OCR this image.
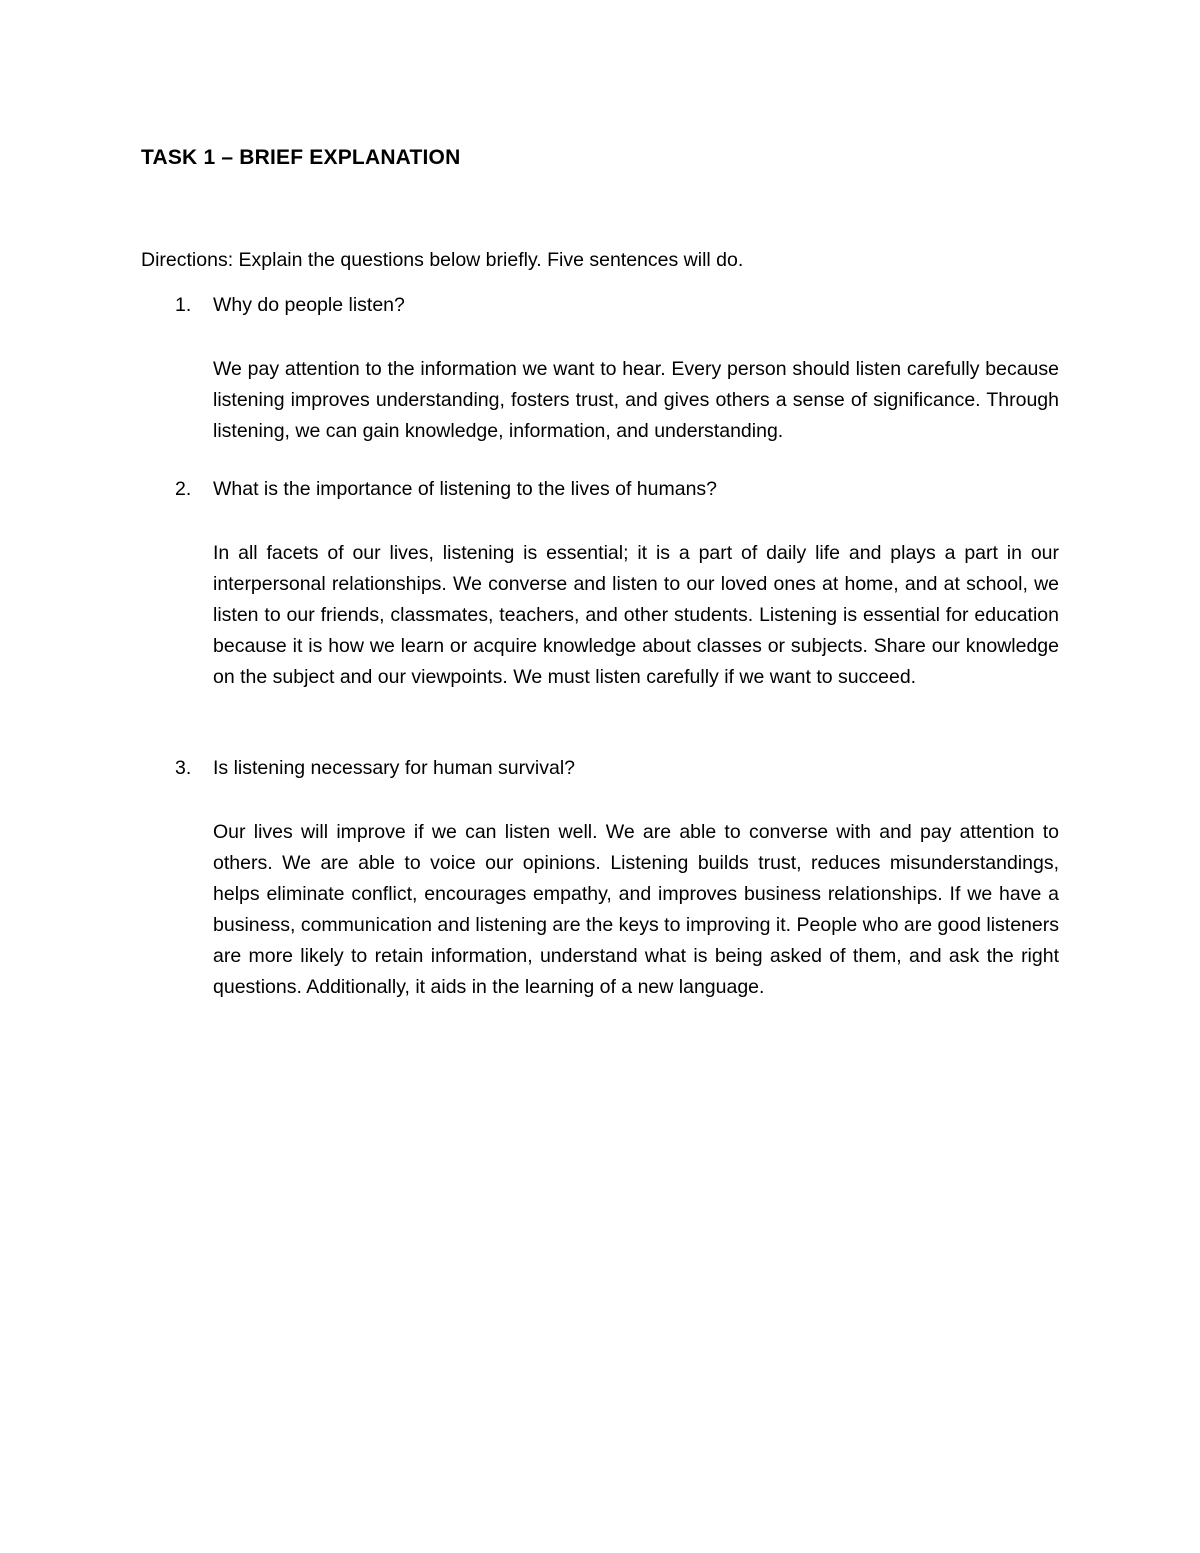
TASK 1 – BRIEF EXPLANATION
Directions: Explain the questions below briefly. Five sentences will do.
1. Why do people listen?
We pay attention to the information we want to hear. Every person should listen carefully because listening improves understanding, fosters trust, and gives others a sense of significance. Through listening, we can gain knowledge, information, and understanding.
2. What is the importance of listening to the lives of humans?
In all facets of our lives, listening is essential; it is a part of daily life and plays a part in our interpersonal relationships. We converse and listen to our loved ones at home, and at school, we listen to our friends, classmates, teachers, and other students. Listening is essential for education because it is how we learn or acquire knowledge about classes or subjects. Share our knowledge on the subject and our viewpoints. We must listen carefully if we want to succeed.
3. Is listening necessary for human survival?
Our lives will improve if we can listen well. We are able to converse with and pay attention to others. We are able to voice our opinions. Listening builds trust, reduces misunderstandings, helps eliminate conflict, encourages empathy, and improves business relationships. If we have a business, communication and listening are the keys to improving it. People who are good listeners are more likely to retain information, understand what is being asked of them, and ask the right questions. Additionally, it aids in the learning of a new language.
